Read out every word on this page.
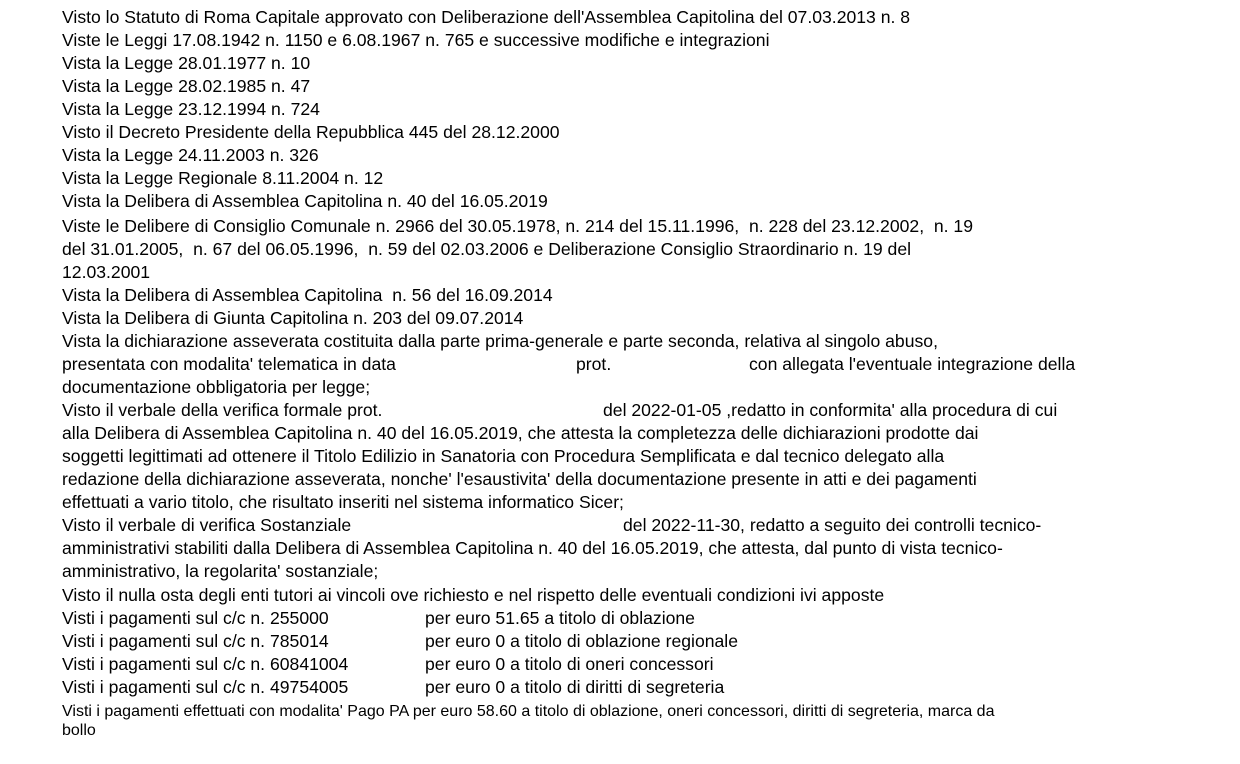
Visto lo Statuto di Roma Capitale approvato con Deliberazione dell'Assemblea Capitolina del 07.03.2013 n. 8
Viste le Leggi 17.08.1942 n. 1150 e 6.08.1967 n. 765 e successive modifiche e integrazioni
Vista la Legge 28.01.1977 n. 10
Vista la Legge 28.02.1985 n. 47
Vista la Legge 23.12.1994 n. 724
Visto il Decreto Presidente della Repubblica 445 del 28.12.2000
Vista la Legge 24.11.2003 n. 326
Vista la Legge Regionale 8.11.2004 n. 12
Vista la Delibera di Assemblea Capitolina n. 40 del 16.05.2019
Viste le Delibere di Consiglio Comunale n. 2966 del 30.05.1978, n. 214 del 15.11.1996,  n. 228 del 23.12.2002,  n. 19
del 31.01.2005,  n. 67 del 06.05.1996,  n. 59 del 02.03.2006 e Deliberazione Consiglio Straordinario n. 19 del
12.03.2001
Vista la Delibera di Assemblea Capitolina  n. 56 del 16.09.2014
Vista la Delibera di Giunta Capitolina n. 203 del 09.07.2014
Vista la dichiarazione asseverata costituita dalla parte prima-generale e parte seconda, relativa al singolo abuso,

presentata con modalita' telematica in data

	prot.

	con allegata l'eventuale integrazione della

documentazione obbligatoria per legge;

Visto il verbale della verifica formale prot.

	del 2022-01-05 ,redatto in conformita' alla procedura di cui

alla Delibera di Assemblea Capitolina n. 40 del 16.05.2019, che attesta la completezza delle dichiarazioni prodotte dai
soggetti legittimati ad ottenere il Titolo Edilizio in Sanatoria con Procedura Semplificata e dal tecnico delegato alla
redazione della dichiarazione asseverata, nonche' l'esaustivita' della documentazione presente in atti e dei pagamenti
effettuati a vario titolo, che risultato inseriti nel sistema informatico Sicer;

Visto il verbale di verifica Sostanziale

	del 2022-11-30, redatto a seguito dei controlli tecnico-

amministrativi stabiliti dalla Delibera di Assemblea Capitolina n. 40 del 16.05.2019, che attesta, dal punto di vista tecnico-
amministrativo, la regolarita' sostanziale;
Visto il nulla osta degli enti tutori ai vincoli ove richiesto e nel rispetto delle eventuali condizioni ivi apposte

Visti i pagamenti sul c/c n. 255000

	per euro 51.65 a titolo di oblazione

Visti i pagamenti sul c/c n. 785014

	per euro 0 a titolo di oblazione regionale

Visti i pagamenti sul c/c n. 60841004

	per euro 0 a titolo di oneri concessori

Visti i pagamenti sul c/c n. 49754005

	per euro 0 a titolo di diritti di segreteria

Visti i pagamenti effettuati con modalita' Pago PA per euro 58.60 a titolo di oblazione, oneri concessori, diritti di segreteria, marca da
bollo
